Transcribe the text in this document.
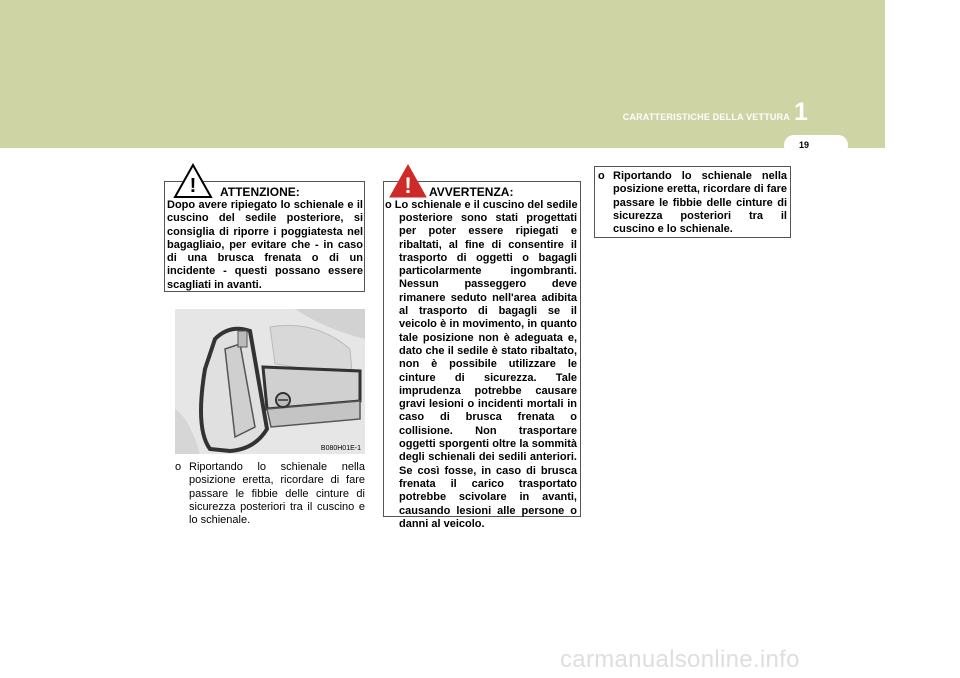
CARATTERISTICHE DELLA VETTURA 1
19
! ATTENZIONE:
Dopo avere ripiegato lo schienale e il cuscino del sedile posteriore, si consiglia di riporre i poggiatesta nel bagagliaio, per evitare che - in caso di una brusca frenata o di un incidente - questi possano essere scagliati in avanti.
B080H01E-1
o Riportando lo schienale nella posizione eretta, ricordare di fare passare le fibbie delle cinture di sicurezza posteriori tra il cuscino e lo schienale.
! AVVERTENZA:
o Lo schienale e il cuscino del sedile
posteriore sono stati progettati per poter essere ripiegati e ribaltati, al fine di consentire il trasporto di oggetti o bagagli particolarmente ingombranti. Nessun passeggero deve rimanere seduto nell'area adibita al trasporto di bagagli se il veicolo è in movimento, in quanto tale posizione non è adeguata e, dato che il sedile è stato ribaltato, non è possibile utilizzare le cinture di sicurezza. Tale imprudenza potrebbe causare gravi lesioni o incidenti mortali in caso di brusca frenata o collisione. Non trasportare oggetti sporgenti oltre la sommità degli schienali dei sedili anteriori. Se così fosse, in caso di brusca frenata il carico trasportato potrebbe scivolare in avanti, causando lesioni alle persone o danni al veicolo.
o Riportando lo schienale nella posizione eretta, ricordare di fare passare le fibbie delle cinture di sicurezza posteriori tra il cuscino e lo schienale.
carmanualsonline.info
